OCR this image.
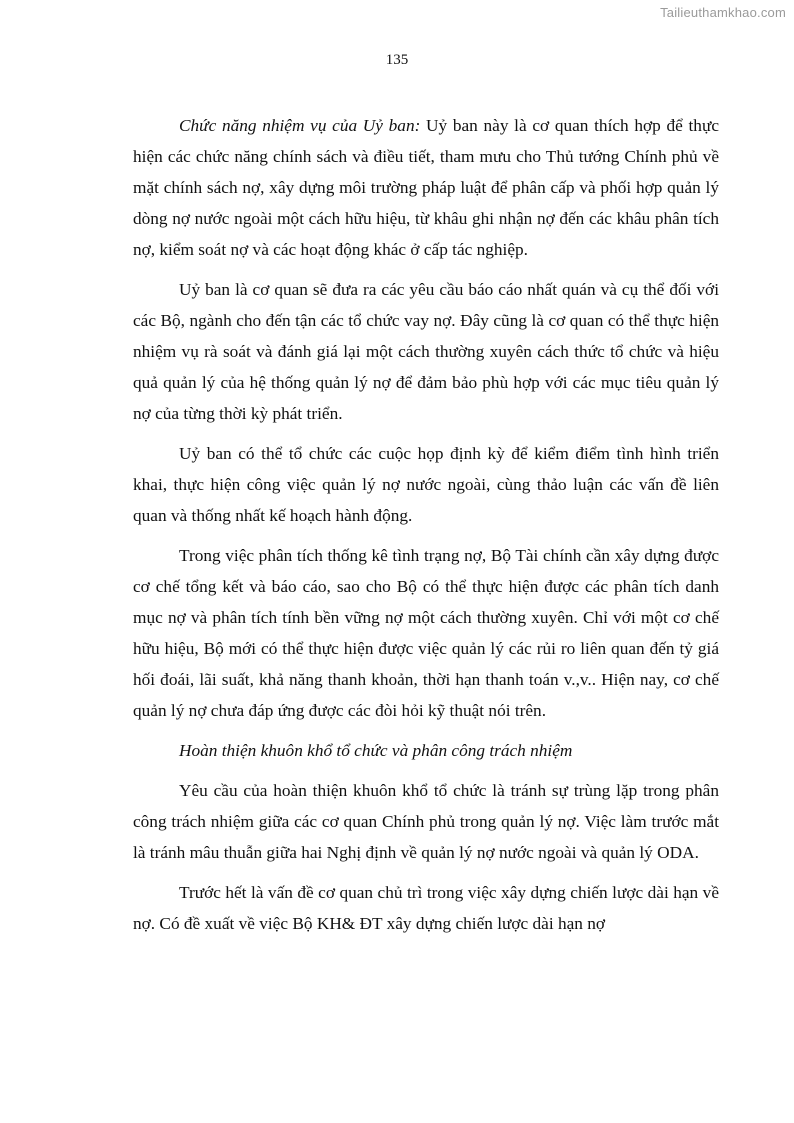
Tailieuthamkhao.com
135

Chức năng nhiệm vụ của Uỷ ban: Uỷ ban này là cơ quan thích hợp để thực hiện các chức năng chính sách và điều tiết, tham mưu cho Thủ tướng Chính phủ về mặt chính sách nợ, xây dựng môi trường pháp luật để phân cấp và phối hợp quản lý dòng nợ nước ngoài một cách hữu hiệu, từ khâu ghi nhận nợ đến các khâu phân tích nợ, kiểm soát nợ và các hoạt động khác ở cấp tác nghiệp.

Uỷ ban là cơ quan sẽ đưa ra các yêu cầu báo cáo nhất quán và cụ thể đối với các Bộ, ngành cho đến tận các tổ chức vay nợ. Đây cũng là cơ quan có thể thực hiện nhiệm vụ rà soát và đánh giá lại một cách thường xuyên cách thức tổ chức và hiệu quả quản lý của hệ thống quản lý nợ để đảm bảo phù hợp với các mục tiêu quản lý nợ của từng thời kỳ phát triển.

Uỷ ban có thể tổ chức các cuộc họp định kỳ để kiểm điểm tình hình triển khai, thực hiện công việc quản lý nợ nước ngoài, cùng thảo luận các vấn đề liên quan và thống nhất kế hoạch hành động.

Trong việc phân tích thống kê tình trạng nợ, Bộ Tài chính cần xây dựng được cơ chế tổng kết và báo cáo, sao cho Bộ có thể thực hiện được các phân tích danh mục nợ và phân tích tính bền vững nợ một cách thường xuyên. Chỉ với một cơ chế hữu hiệu, Bộ mới có thể thực hiện được việc quản lý các rủi ro liên quan đến tỷ giá hối đoái, lãi suất, khả năng thanh khoản, thời hạn thanh toán v.,v.. Hiện nay, cơ chế quản lý nợ chưa đáp ứng được các đòi hỏi kỹ thuật nói trên.

Hoàn thiện khuôn khổ tổ chức và phân công trách nhiệm

Yêu cầu của hoàn thiện khuôn khổ tổ chức là tránh sự trùng lặp trong phân công trách nhiệm giữa các cơ quan Chính phủ trong quản lý nợ. Việc làm trước mắt là tránh mâu thuẫn giữa hai Nghị định về quản lý nợ nước ngoài và quản lý ODA.

Trước hết là vấn đề cơ quan chủ trì trong việc xây dựng chiến lược dài hạn về nợ. Có đề xuất về việc Bộ KH& ĐT xây dựng chiến lược dài hạn nợ
